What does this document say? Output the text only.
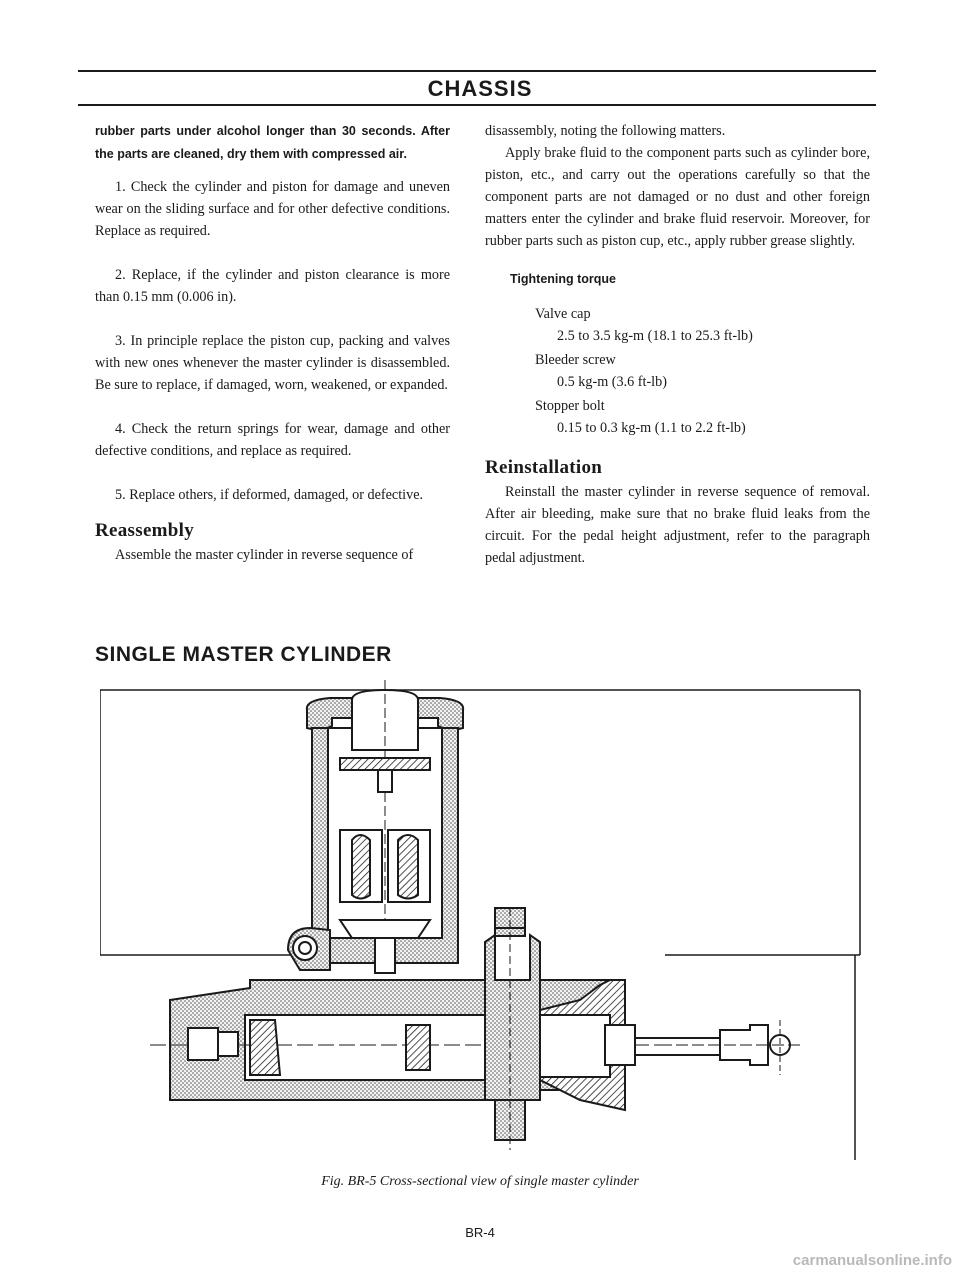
CHASSIS

rubber parts under alcohol longer than 30 seconds. After the parts are cleaned, dry them with compressed air.

1. Check the cylinder and piston for damage and uneven wear on the sliding surface and for other defective conditions. Replace as required.

2. Replace, if the cylinder and piston clearance is more than 0.15 mm (0.006 in).

3. In principle replace the piston cup, packing and valves with new ones whenever the master cylinder is disassembled. Be sure to replace, if damaged, worn, weakened, or expanded.

4. Check the return springs for wear, damage and other defective conditions, and replace as required.

5. Replace others, if deformed, damaged, or defective.

Reassembly

Assemble the master cylinder in reverse sequence of

disassembly, noting the following matters.

Apply brake fluid to the component parts such as cylinder bore, piston, etc., and carry out the operations carefully so that the component parts are not damaged or no dust and other foreign matters enter the cylinder and brake fluid reservoir. Moreover, for rubber parts such as piston cup, etc., apply rubber grease slightly.

Tightening torque

Valve cap
2.5 to 3.5 kg-m (18.1 to 25.3 ft-lb)
Bleeder screw
0.5 kg-m (3.6 ft-lb)
Stopper bolt
0.15 to 0.3 kg-m (1.1 to 2.2 ft-lb)
Reinstallation

Reinstall the master cylinder in reverse sequence of removal. After air bleeding, make sure that no brake fluid leaks from the circuit. For the pedal height adjustment, refer to the paragraph pedal adjustment.

SINGLE MASTER CYLINDER
Fig. BR-5 Cross-sectional view of single master cylinder
BR-4
carmanualsonline.info
